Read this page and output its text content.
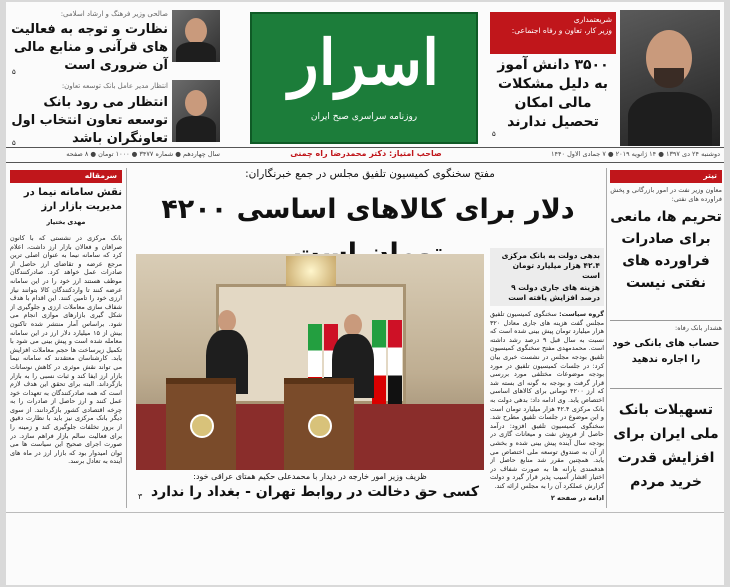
صالحی وزیر فرهنگ و ارشاد اسلامی:
نظارت و توجه به فعالیت های قرآنی و منابع مالی آن ضروری است
۵
انتظار مدیر عامل بانک توسعه تعاون:
انتظار می رود بانک توسعه تعاون انتخاب اول تعاونگران باشد
۵
اسرار
روزنامه سراسری صبح ایران
شریعتمداری
وزیر کار، تعاون و رفاه اجتماعی:
۳۵۰۰ دانش آموز به دلیل مشکلات مالی امکان تحصیل ندارند
۵
سال چهاردهم ● شماره ۳۴۷۷ ● ۱۰۰۰ تومان ● ۸ صفحه	صاحب امتیاز: دکتر محمدرضا راه چمنی	دوشنبه ۲۴ دی ۱۳۹۷ ● ۱۴ ژانویه ۲۰۱۹ ● ۷ جمادی الاول ۱۴۴۰
تیتر
معاون وزیر نفت در امور بازرگانی و پخش فراورده های نفتی:
تحریم ها، مانعی برای صادرات فراورده های نفتی نیست
هشدار بانک رفاه:
حساب های بانکی خود را اجاره ندهید
تسهیلات بانک ملی ایران برای افزایش قدرت خرید مردم
مفتح سخنگوی کمیسیون تلفیق مجلس در جمع خبرنگاران:
دلار برای کالاهای اساسی ۴۲۰۰
بدهی دولت به بانک مرکزی ۴۲.۴ هزار میلیارد تومان است
هزینه های جاری دولت ۹ درصد افزایش یافته است
گروه سیاست: سخنگوی کمیسیون تلفیق مجلس گفت هزینه های جاری معادل ۳۲۰ هزار میلیارد تومان پیش بینی شده است که نسبت به سال قبل ۹ درصد رشد داشته است. محمدمهدی مفتح سخنگوی کمیسیون تلفیق بودجه مجلس در نشست خبری بیان کرد: در جلسات کمیسیون تلفیق در مورد بودجه موضوعات مختلفی مورد بررسی قرار گرفت و بودجه به گونه ای بسته شد که ارز ۴۲۰۰ تومانی برای کالاهای اساسی اختصاص یابد. وی ادامه داد: بدهی دولت به بانک مرکزی ۴۲.۴ هزار میلیارد تومان است و این موضوع در جلسات تلفیق مطرح شد. سخنگوی کمیسیون تلفیق افزود: درآمد حاصل از فروش نفت و میعانات گازی در بودجه سال آینده پیش بینی شده و بخشی از آن به صندوق توسعه ملی اختصاص می یابد. همچنین مقرر شد منابع حاصل از هدفمندی یارانه ها به صورت شفاف در اختیار اقشار آسیب پذیر قرار گیرد و دولت گزارش عملکرد آن را به مجلس ارائه کند.
ادامه در صفحه ۲
ظریف وزیر امور خارجه در دیدار با محمدعلی حکیم همتای عراقی خود:
کسی حق دخالت در روابط تهران - بغداد را ندارد
۳
سرمقاله
نقش سامانه نیما در مدیریت بازار ارز
مهدی بختیار
بانک مرکزی در نشستی که با کانون صرافان و فعالان بازار ارز داشت، اعلام کرد که سامانه نیما به عنوان اصلی ترین مرجع عرضه و تقاضای ارز حاصل از صادرات عمل خواهد کرد. صادرکنندگان موظف هستند ارز خود را در این سامانه عرضه کنند تا واردکنندگان کالا بتوانند نیاز ارزی خود را تامین کنند. این اقدام با هدف شفاف سازی معاملات ارزی و جلوگیری از شکل گیری بازارهای موازی انجام می شود. براساس آمار منتشر شده تاکنون بیش از ۱۵ میلیارد دلار ارز در این سامانه معامله شده است و پیش بینی می شود با تکمیل زیرساخت ها حجم معاملات افزایش یابد. کارشناسان معتقدند که سامانه نیما می تواند نقش موثری در کاهش نوسانات بازار ارز ایفا کند و ثبات نسبی را به بازار بازگرداند. البته برای تحقق این هدف لازم است که همه صادرکنندگان به تعهدات خود عمل کنند و ارز حاصل از صادرات را به چرخه اقتصادی کشور بازگردانند. از سوی دیگر بانک مرکزی نیز باید با نظارت دقیق از بروز تخلفات جلوگیری کند و زمینه را برای فعالیت سالم بازار فراهم سازد. در صورت اجرای صحیح این سیاست ها می توان امیدوار بود که بازار ارز در ماه های آینده به تعادل برسد.
